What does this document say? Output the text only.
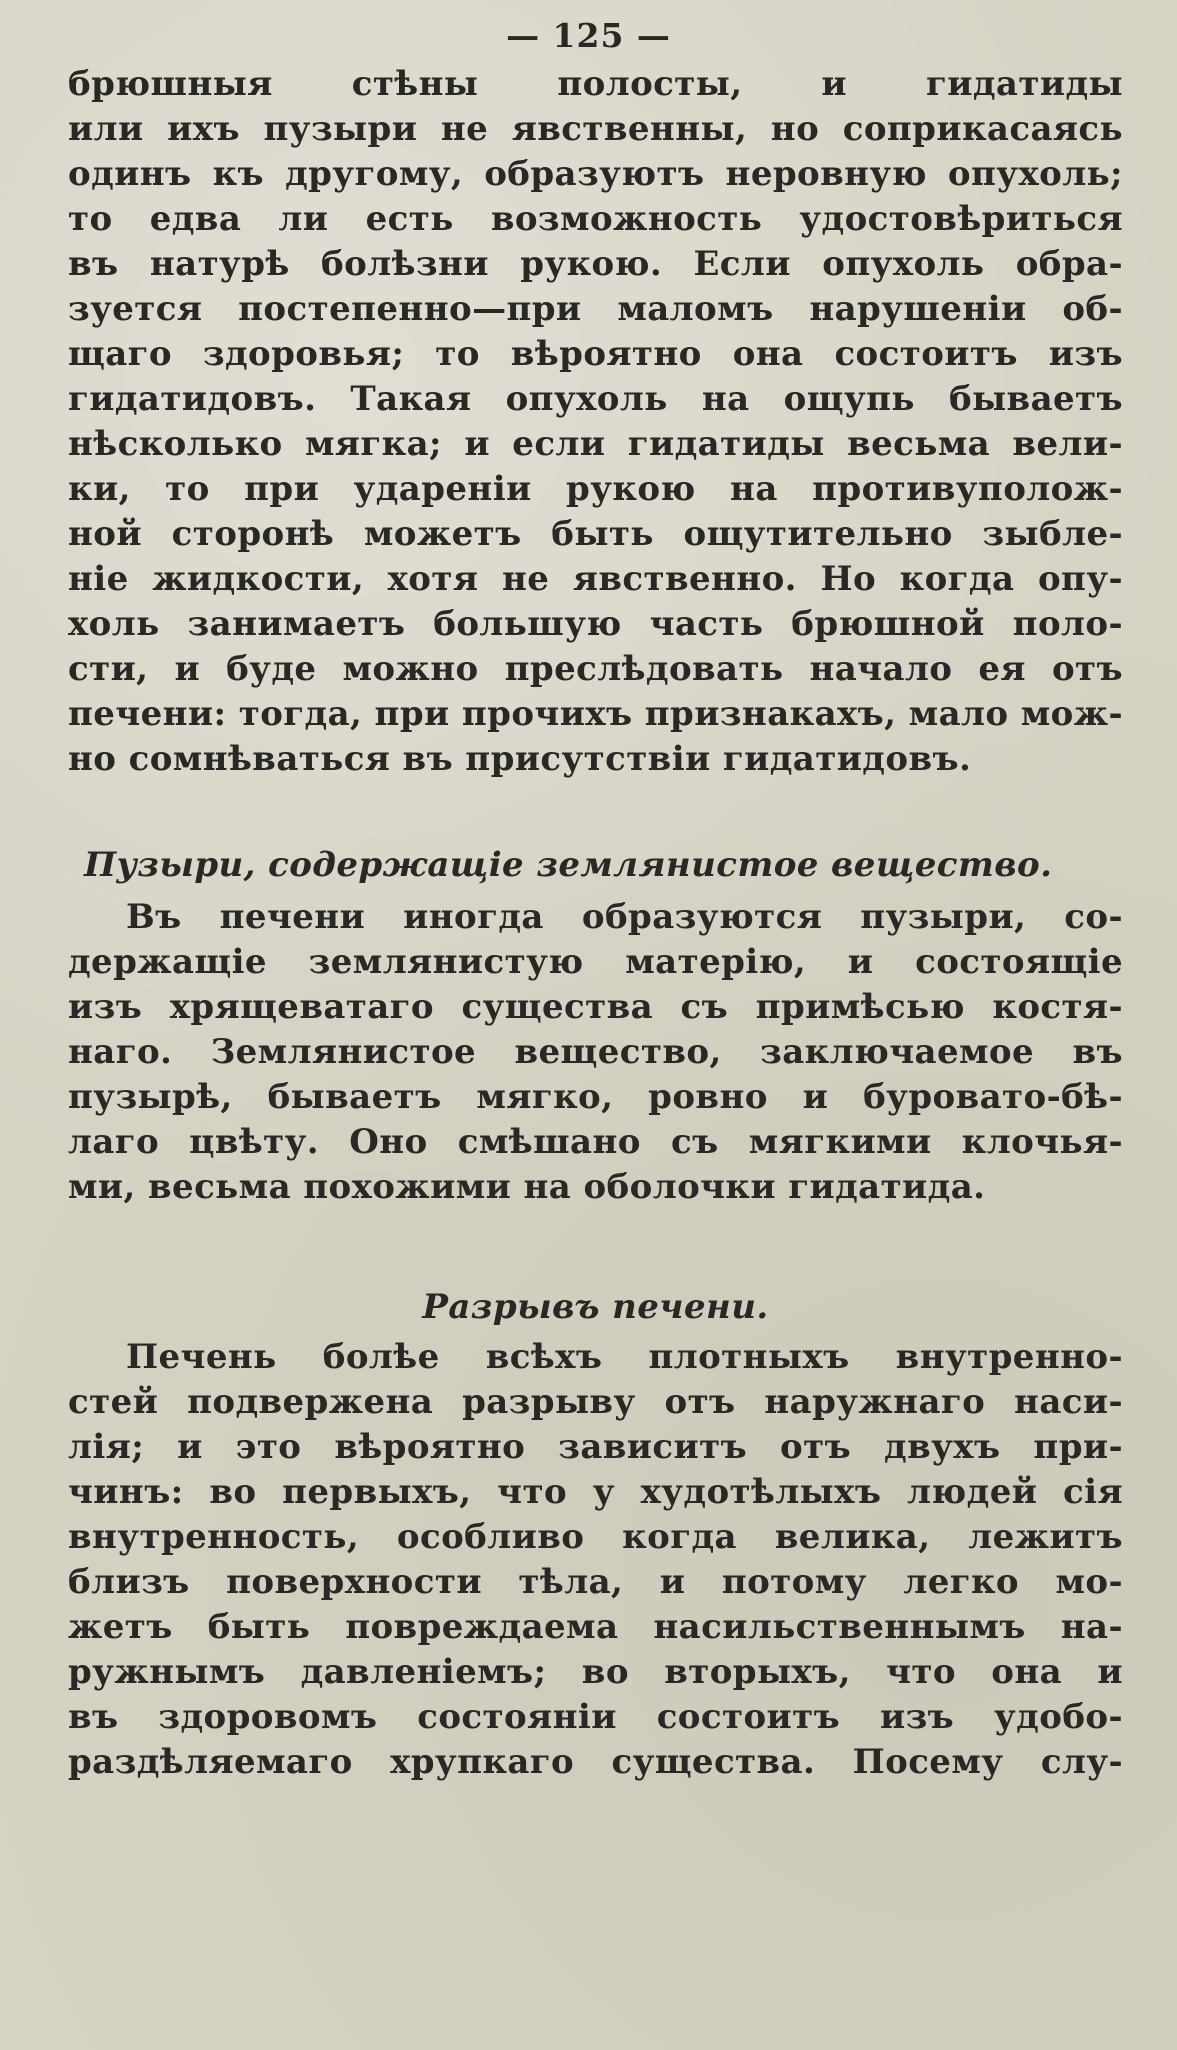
— 125 —
брюшныя стѣны полосты, и гидатиды
или ихъ пузыри не явственны, но соприкасаясь
одинъ къ другому, образуютъ неровную опухоль;
то едва ли есть возможность удостовѣриться
въ натурѣ болѣзни рукою. Если опухоль обра-
зуется постепенно—при маломъ нарушенiи об-
щаго здоровья; то вѣроятно она состоитъ изъ
гидатидовъ. Такая опухоль на ощупь бываетъ
нѣсколько мягка; и если гидатиды весьма вели-
ки, то при ударенiи рукою на противуполож-
ной сторонѣ можетъ быть ощутительно зыбле-
нiе жидкости, хотя не явственно. Но когда опу-
холь занимаетъ большую часть брюшной поло-
сти, и буде можно преслѣдовать начало ея отъ
печени: тогда, при прочихъ признакахъ, мало мож-
но сомнѣваться въ присутствiи гидатидовъ.
Пузыри, содержащiе землянистое вещество.
Въ печени иногда образуются пузыри, со-
держащiе землянистую матерiю, и состоящiе
изъ хрящеватаго существа съ примѣсью костя-
наго. Землянистое вещество, заключаемое въ
пузырѣ, бываетъ мягко, ровно и буровато-бѣ-
лаго цвѣту. Оно смѣшано съ мягкими клочья-
ми, весьма похожими на оболочки гидатида.
Разрывъ печени.
Печень болѣе всѣхъ плотныхъ внутренно-
стей подвержена разрыву отъ наружнаго наси-
лiя; и это вѣроятно зависитъ отъ двухъ при-
чинъ: во первыхъ, что у худотѣлыхъ людей сiя
внутренность, особливо когда велика, лежитъ
близъ поверхности тѣла, и потому легко мо-
жетъ быть повреждаема насильственнымъ на-
ружнымъ давленiемъ; во вторыхъ, что она и
въ здоровомъ состоянiи состоитъ изъ удобо-
раздѣляемаго хрупкаго существа. Посему слу-
